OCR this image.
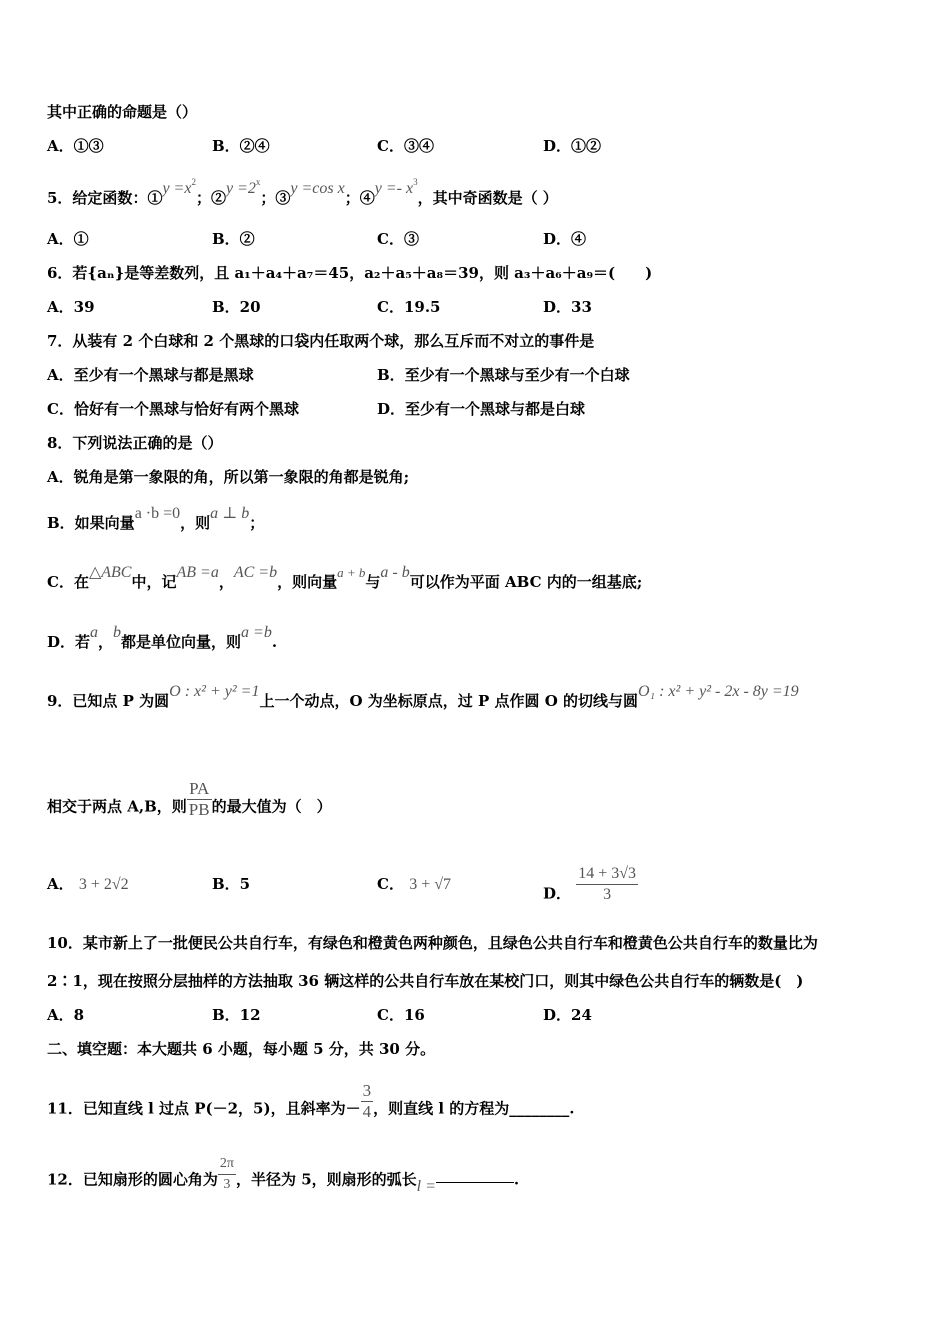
其中正确的命题是（）
A．①③	B．②④	C．③④	D．①②
5．给定函数：①y $=x^2$；②y $=2^x$；③y =cos x；④y =- $x^3$，其中奇函数是（ ）
A．①	B．②	C．③	D．④
6．若{aₙ}是等差数列，且 a₁＋a₄＋a₇＝45，a₂＋a₅＋a₈＝39，则 a₃＋a₆＋a₉＝(　　)
A．39	B．20	C．19.5	D．33
7．从装有 2 个白球和 2 个黑球的口袋内任取两个球，那么互斥而不对立的事件是
A．至少有一个黑球与都是黑球	B．至少有一个黑球与至少有一个白球
C．恰好有一个黑球与恰好有两个黑球	D．至少有一个黑球与都是白球
8．下列说法正确的是（）
A．锐角是第一象限的角，所以第一象限的角都是锐角;
B．如果向量a ·b =0，则a ⊥ b；
C．在△ABC中，记AB =a，AC =b，则向量a + b与a - b可以作为平面 ABC 内的一组基底;
D．若a，b都是单位向量，则a =b.
9．已知点 P 为圆O : x² + y² =1上一个动点，O 为坐标原点，过 P 点作圆 O 的切线与圆O₁ : x² + y² - 2x - 8y =19
相交于两点 A,B，则 $\frac{PA}{PB}$ 的最大值为（　）
A． 3 + 2√2	B．5	C． 3 + √7	D． $\frac{14 + 3√3}{3}$
10．某市新上了一批便民公共自行车，有绿色和橙黄色两种颜色，且绿色公共自行车和橙黄色公共自行车的数量比为
2∶1，现在按照分层抽样的方法抽取 36 辆这样的公共自行车放在某校门口，则其中绿色公共自行车的辆数是(　)
A．8	B．12	C．16	D．24
二、填空题：本大题共 6 小题，每小题 5 分，共 30 分。
11．已知直线 l 过点 P(－2，5)，且斜率为－ $\frac{3}{4}$ ，则直线 l 的方程为________.
12．已知扇形的圆心角为 $\frac{2\pi}{3}$ ，半径为 5，则扇形的弧长l =	.
